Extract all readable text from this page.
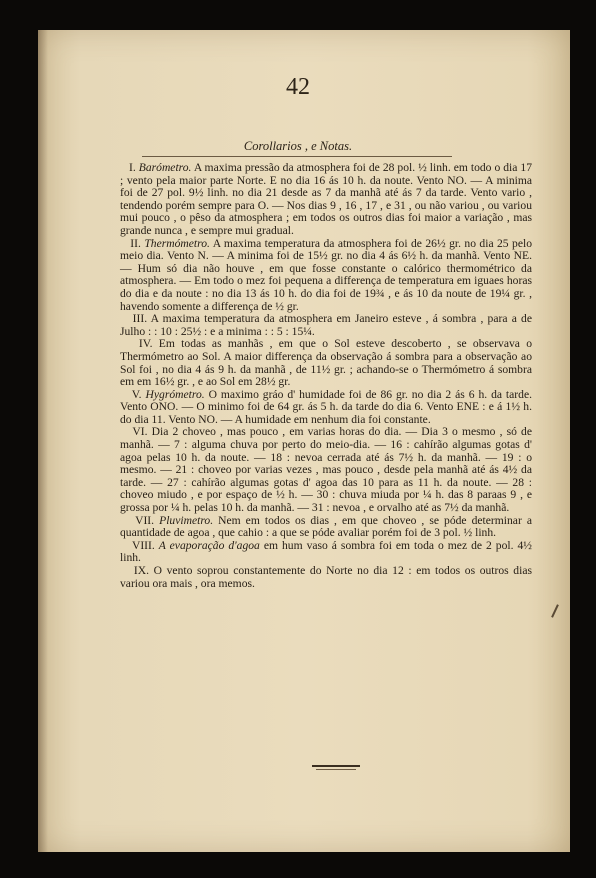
42
Corollarios , e Notas.

I. Barómetro. A maxima pressão da atmosphera foi de 28 pol. ½ linh. em todo o dia 17 ; vento pela maior parte Norte. E no dia 16 ás 10 h. da noute. Vento NO. — A minima foi de 27 pol. 9½ linh. no dia 21 desde as 7 da manhã até ás 7 da tarde. Vento vario , tendendo porém sempre para O. — Nos dias 9 , 16 , 17 , e 31 , ou não variou , ou variou mui pouco , o pêso da atmosphera ; em todos os outros dias foi maior a variação , mas grande nunca , e sempre mui gradual.

II. Thermómetro. A maxima temperatura da atmosphera foi de 26½ gr. no dia 25 pelo meio dia. Vento N. — A minima foi de 15½ gr. no dia 4 ás 6½ h. da manhã. Vento NE. — Hum só dia não houve , em que fosse constante o calórico thermométrico da atmosphera. — Em todo o mez foi pequena a differença de temperatura em iguaes horas do dia e da noute : no dia 13 ás 10 h. do dia foi de 19¾ , e ás 10 da noute de 19¼ gr. , havendo somente a differença de ½ gr.

III. A maxima temperatura da atmosphera em Janeiro esteve , á sombra , para a de Julho : : 10 : 25½ : e a minima : : 5 : 15¼.

IV. Em todas as manhãs , em que o Sol esteve descoberto , se observava o Thermómetro ao Sol. A maior differença da observação á sombra para a observação ao Sol foi , no dia 4 ás 9 h. da manhã , de 11½ gr. ; achando-se o Thermómetro á sombra em em 16½ gr. , e ao Sol em 28½ gr.

V. Hygrómetro. O maximo gráo d' humidade foi de 86 gr. no dia 2 ás 6 h. da tarde. Vento ONO. — O minimo foi de 64 gr. ás 5 h. da tarde do dia 6. Vento ENE : e á 1½ h. do dia 11. Vento NO. — A humidade em nenhum dia foi constante.

VI. Dia 2 choveo , mas pouco , em varias horas do dia. — Dia 3 o mesmo , só de manhã. — 7 : alguma chuva por perto do meio-dia. — 16 : cahírão algumas gotas d' agoa pelas 10 h. da noute. — 18 : nevoa cerrada até ás 7½ h. da manhã. — 19 : o mesmo. — 21 : choveo por varias vezes , mas pouco , desde pela manhã até ás 4½ da tarde. — 27 : cahírão algumas gotas d' agoa das 10 para as 11 h. da noute. — 28 : choveo miudo , e por espaço de ½ h. — 30 : chuva miuda por ¼ h. das 8 paraas 9 , e grossa por ¼ h. pelas 10 h. da manhã. — 31 : nevoa , e orvalho até as 7½ da manhã.

VII. Pluvimetro. Nem em todos os dias , em que choveo , se póde determinar a quantidade de agoa , que cahio : a que se póde avaliar porém foi de 3 pol. ½ linh.

VIII. A evaporação d'agoa em hum vaso á sombra foi em toda o mez de 2 pol. 4½ linh.

IX. O vento soprou constantemente do Norte no dia 12 : em todos os outros dias variou ora mais , ora memos.
